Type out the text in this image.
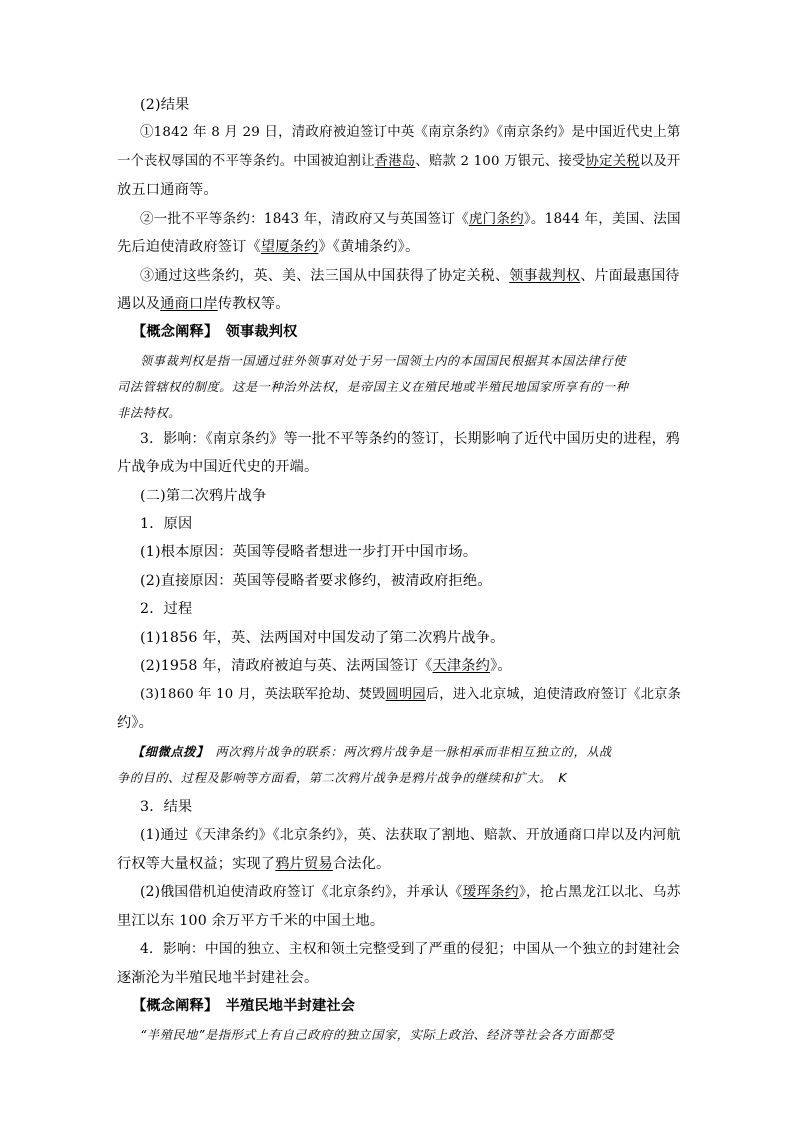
(2)结果
①1842 年 8 月 29 日，清政府被迫签订中英《南京条约》《南京条约》是中国近代史上第
一个丧权辱国的不平等条约。中国被迫割让香港岛、赔款 2 100 万银元、接受协定关税以及开
放五口通商等。
②一批不平等条约：1843 年，清政府又与英国签订《虎门条约》。1844 年，美国、法国
先后迫使清政府签订《望厦条约》《黄埔条约》。
③通过这些条约，英、美、法三国从中国获得了协定关税、领事裁判权、片面最惠国待
遇以及通商口岸传教权等。
【概念阐释】　领事裁判权
领事裁判权是指一国通过驻外领事对处于另一国领土内的本国国民根据其本国法律行使
司法管辖权的制度。这是一种治外法权，是帝国主义在殖民地或半殖民地国家所享有的一种
非法特权。
3．影响：《南京条约》等一批不平等条约的签订，长期影响了近代中国历史的进程，鸦
片战争成为中国近代史的开端。
(二)第二次鸦片战争
1．原因
(1)根本原因：英国等侵略者想进一步打开中国市场。
(2)直接原因：英国等侵略者要求修约，被清政府拒绝。
2．过程
(1)1856 年，英、法两国对中国发动了第二次鸦片战争。
(2)1958 年，清政府被迫与英、法两国签订《天津条约》。
(3)1860 年 10 月，英法联军抢劫、焚毁圆明园后，进入北京城，迫使清政府签订《北京条
约》。
【细微点拨】　两次鸦片战争的联系：两次鸦片战争是一脉相承而非相互独立的，从战
争的目的、过程及影响等方面看，第二次鸦片战争是鸦片战争的继续和扩大。　K
3．结果
(1)通过《天津条约》《北京条约》，英、法获取了割地、赔款、开放通商口岸以及内河航
行权等大量权益；实现了鸦片贸易合法化。
(2)俄国借机迫使清政府签订《北京条约》，并承认《瑷珲条约》，抢占黑龙江以北、乌苏
里江以东 100 余万平方千米的中国土地。
4．影响：中国的独立、主权和领土完整受到了严重的侵犯；中国从一个独立的封建社会
逐渐沦为半殖民地半封建社会。
【概念阐释】　半殖民地半封建社会
“半殖民地”是指形式上有自己政府的独立国家，实际上政治、经济等社会各方面都受
